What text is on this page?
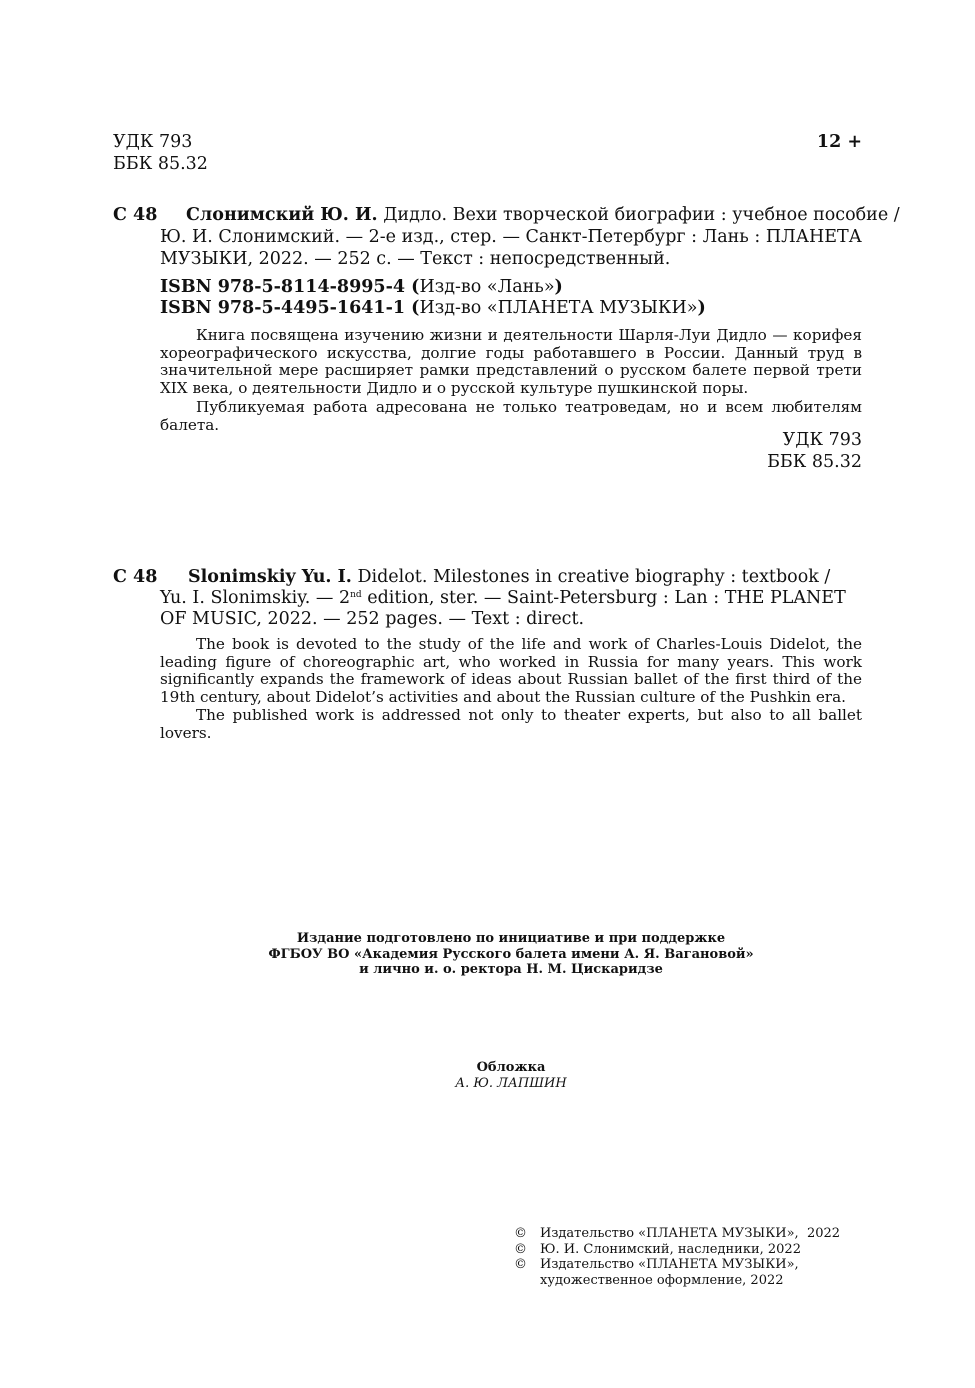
УДК 793
ББК 85.32
12 +
С 48 Слонимский Ю. И. Дидло. Вехи творческой биографии : учебное пособие /
Ю. И. Слонимский. — 2-е изд., стер. — Санкт-Петербург : Лань : ПЛАНЕТА
МУЗЫКИ, 2022. — 252 с. — Текст : непосредственный.
ISBN 978-5-8114-8995-4 (Изд-во «Лань»)
ISBN 978-5-4495-1641-1 (Изд-во «ПЛАНЕТА МУЗЫКИ»)

Книга посвящена изучению жизни и деятельности Шарля-Луи Дидло — корифея хореографического искусства, долгие годы работавшего в России. Данный труд в значительной мере расширяет рамки представлений о русском балете первой трети XIX века, о деятельности Дидло и о русской культуре пушкинской поры.

Публикуемая работа адресована не только театроведам, но и всем любителям балета.

УДК 793
ББК 85.32
С 48 Slonimskiy Yu. I. Didelot. Milestones in creative biography : textbook /
Yu. I. Slonimskiy. — 2nd edition, ster. — Saint-Petersburg : Lan : THE PLANET
OF MUSIC, 2022. — 252 pages. — Text : direct.

The book is devoted to the study of the life and work of Charles-Louis Didelot, the leading figure of choreographic art, who worked in Russia for many years. This work significantly expands the framework of ideas about Russian ballet of the first third of the 19th century, about Didelot’s activities and about the Russian culture of the Pushkin era.

The published work is addressed not only to theater experts, but also to all ballet lovers.

Издание подготовлено по инициативе и при поддержке
ФГБОУ ВО «Академия Русского балета имени А. Я. Вагановой»
и лично и. о. ректора Н. М. Цискаридзе
Обложка
А. Ю. ЛАПШИН
©	Издательство «ПЛАНЕТА МУЗЫКИ»,  2022
©	Ю. И. Слонимский, наследники, 2022
©	Издательство «ПЛАНЕТА МУЗЫКИ»,
художественное оформление, 2022
